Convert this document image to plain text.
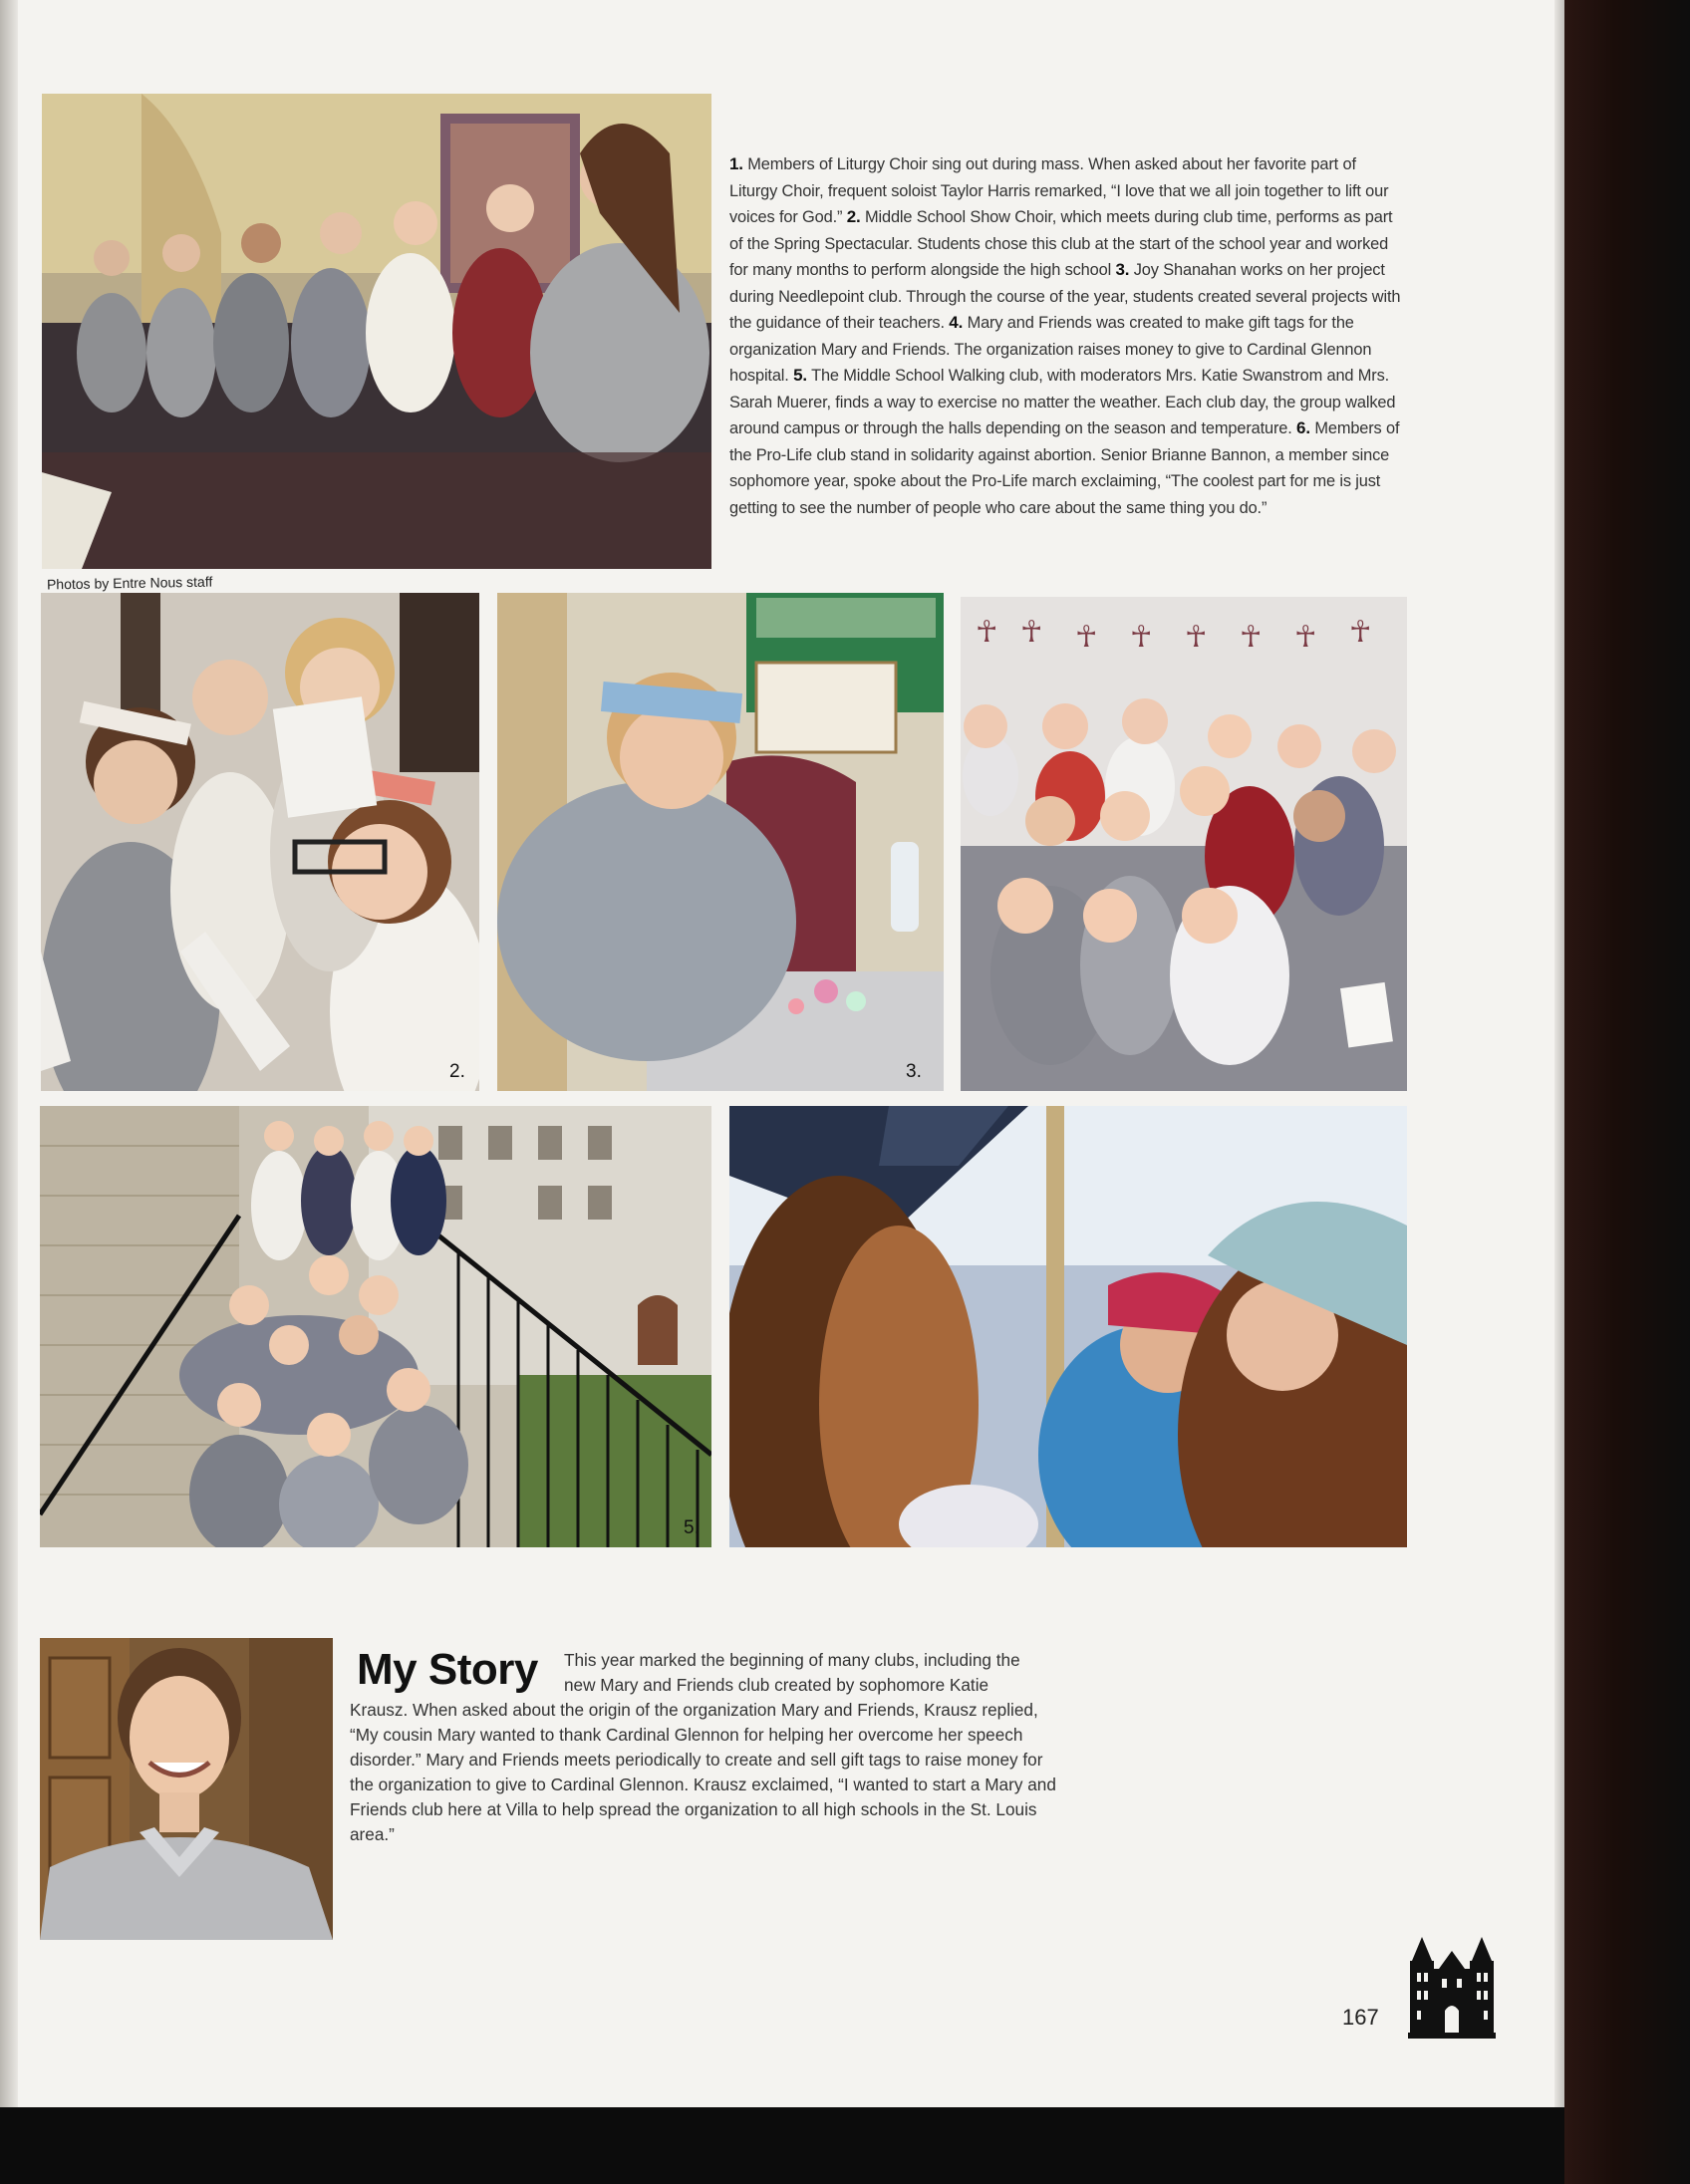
Photos by Entre Nous staff
1. Members of Liturgy Choir sing out during mass. When asked about her favorite part of Liturgy Choir, frequent soloist Taylor Harris remarked, “I love that we all join together to lift our voices for God.” 2. Middle School Show Choir, which meets during club time, performs as part of the Spring Spectacular. Students chose this club at the start of the school year and worked for many months to perform alongside the high school 3. Joy Shanahan works on her project during Needlepoint club. Through the course of the year, students created several projects with the guidance of their teachers. 4. Mary and Friends was created to make gift tags for the organization Mary and Friends. The organization raises money to give to Cardinal Glennon hospital. 5. The Middle School Walking club, with moderators Mrs. Katie Swanstrom and Mrs. Sarah Muerer, finds a way to exercise no matter the weather. Each club day, the group walked around campus or through the halls depending on the season and temperature. 6. Members of the Pro-Life club stand in solidarity against abortion. Senior Brianne Bannon, a member since sophomore year, spoke about the Pro-Life march exclaiming, “The coolest part for me is just getting to see the number of people who care about the same thing you do.”
2.	3.
☥ ☥ ☥ ☥ ☥ ☥ ☥ ☥
5.
My Story This year marked the beginning of many clubs, including the new Mary and Friends club created by sophomore Katie
Krausz. When asked about the origin of the organization Mary and Friends, Krausz replied, “My cousin Mary wanted to thank Cardinal Glennon for helping her overcome her speech disorder.” Mary and Friends meets periodically to create and sell gift tags to raise money for the organization to give to Cardinal Glennon. Krausz exclaimed, “I wanted to start a Mary and Friends club here at Villa to help spread the organization to all high schools in the St. Louis area.”
167
